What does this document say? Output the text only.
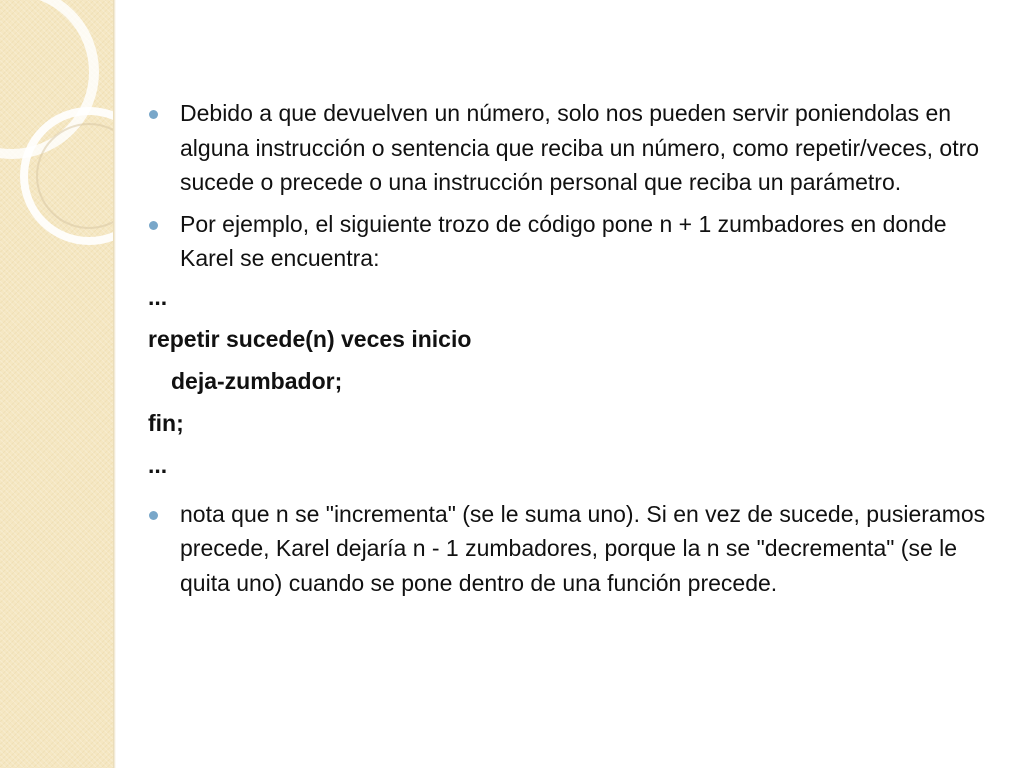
Debido a que devuelven un número, solo nos pueden servir poniendolas en alguna instrucción o sentencia que reciba un número, como repetir/veces, otro sucede o precede o una instrucción personal que reciba un parámetro.
Por ejemplo, el siguiente trozo de código pone n + 1 zumbadores en donde Karel se encuentra:
...
repetir sucede(n) veces inicio
deja-zumbador;
fin;
...
nota que n se "incrementa" (se le suma uno). Si en vez de sucede, pusieramos precede, Karel dejaría n - 1 zumbadores, porque la n se "decrementa" (se le quita uno) cuando se pone dentro de una función precede.
